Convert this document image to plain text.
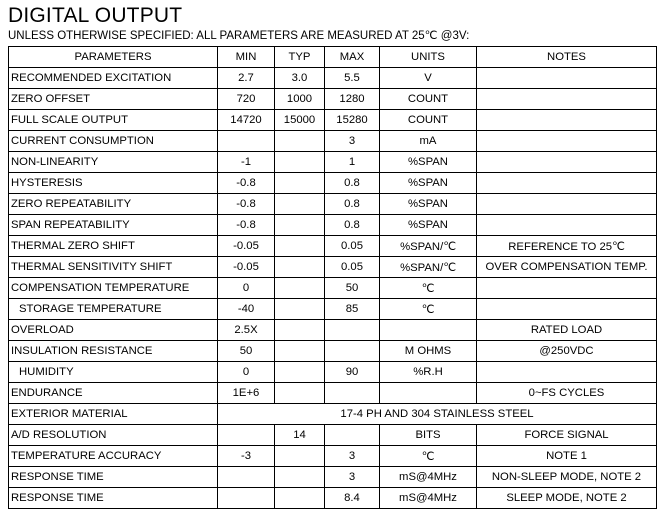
DIGITAL OUTPUT
UNLESS OTHERWISE SPECIFIED: ALL PARAMETERS ARE MEASURED AT 25℃ @3V:
PARAMETERS	MIN	TYP	MAX	UNITS	NOTES
RECOMMENDED EXCITATION	2.7	3.0	5.5	V	
ZERO OFFSET	720	1000	1280	COUNT	
FULL SCALE OUTPUT	14720	15000	15280	COUNT	
CURRENT CONSUMPTION			3	mA	
NON-LINEARITY	-1		1	%SPAN	
HYSTERESIS	-0.8		0.8	%SPAN	
ZERO REPEATABILITY	-0.8		0.8	%SPAN	
SPAN REPEATABILITY	-0.8		0.8	%SPAN	
THERMAL ZERO SHIFT	-0.05		0.05	%SPAN/℃	REFERENCE TO 25℃
THERMAL SENSITIVITY SHIFT	-0.05		0.05	%SPAN/℃	OVER COMPENSATION TEMP.
COMPENSATION TEMPERATURE	0		50	℃	
STORAGE TEMPERATURE	-40		85	℃	
OVERLOAD	2.5X				RATED LOAD
INSULATION RESISTANCE	50			M OHMS	@250VDC
HUMIDITY	0		90	%R.H	
ENDURANCE	1E+6				0~FS CYCLES
EXTERIOR MATERIAL	17-4 PH AND 304 STAINLESS STEEL				
A/D RESOLUTION		14		BITS	FORCE SIGNAL
TEMPERATURE ACCURACY	-3		3	℃	NOTE 1
RESPONSE TIME			3	mS@4MHz	NON-SLEEP MODE, NOTE 2
RESPONSE TIME			8.4	mS@4MHz	SLEEP MODE, NOTE 2
